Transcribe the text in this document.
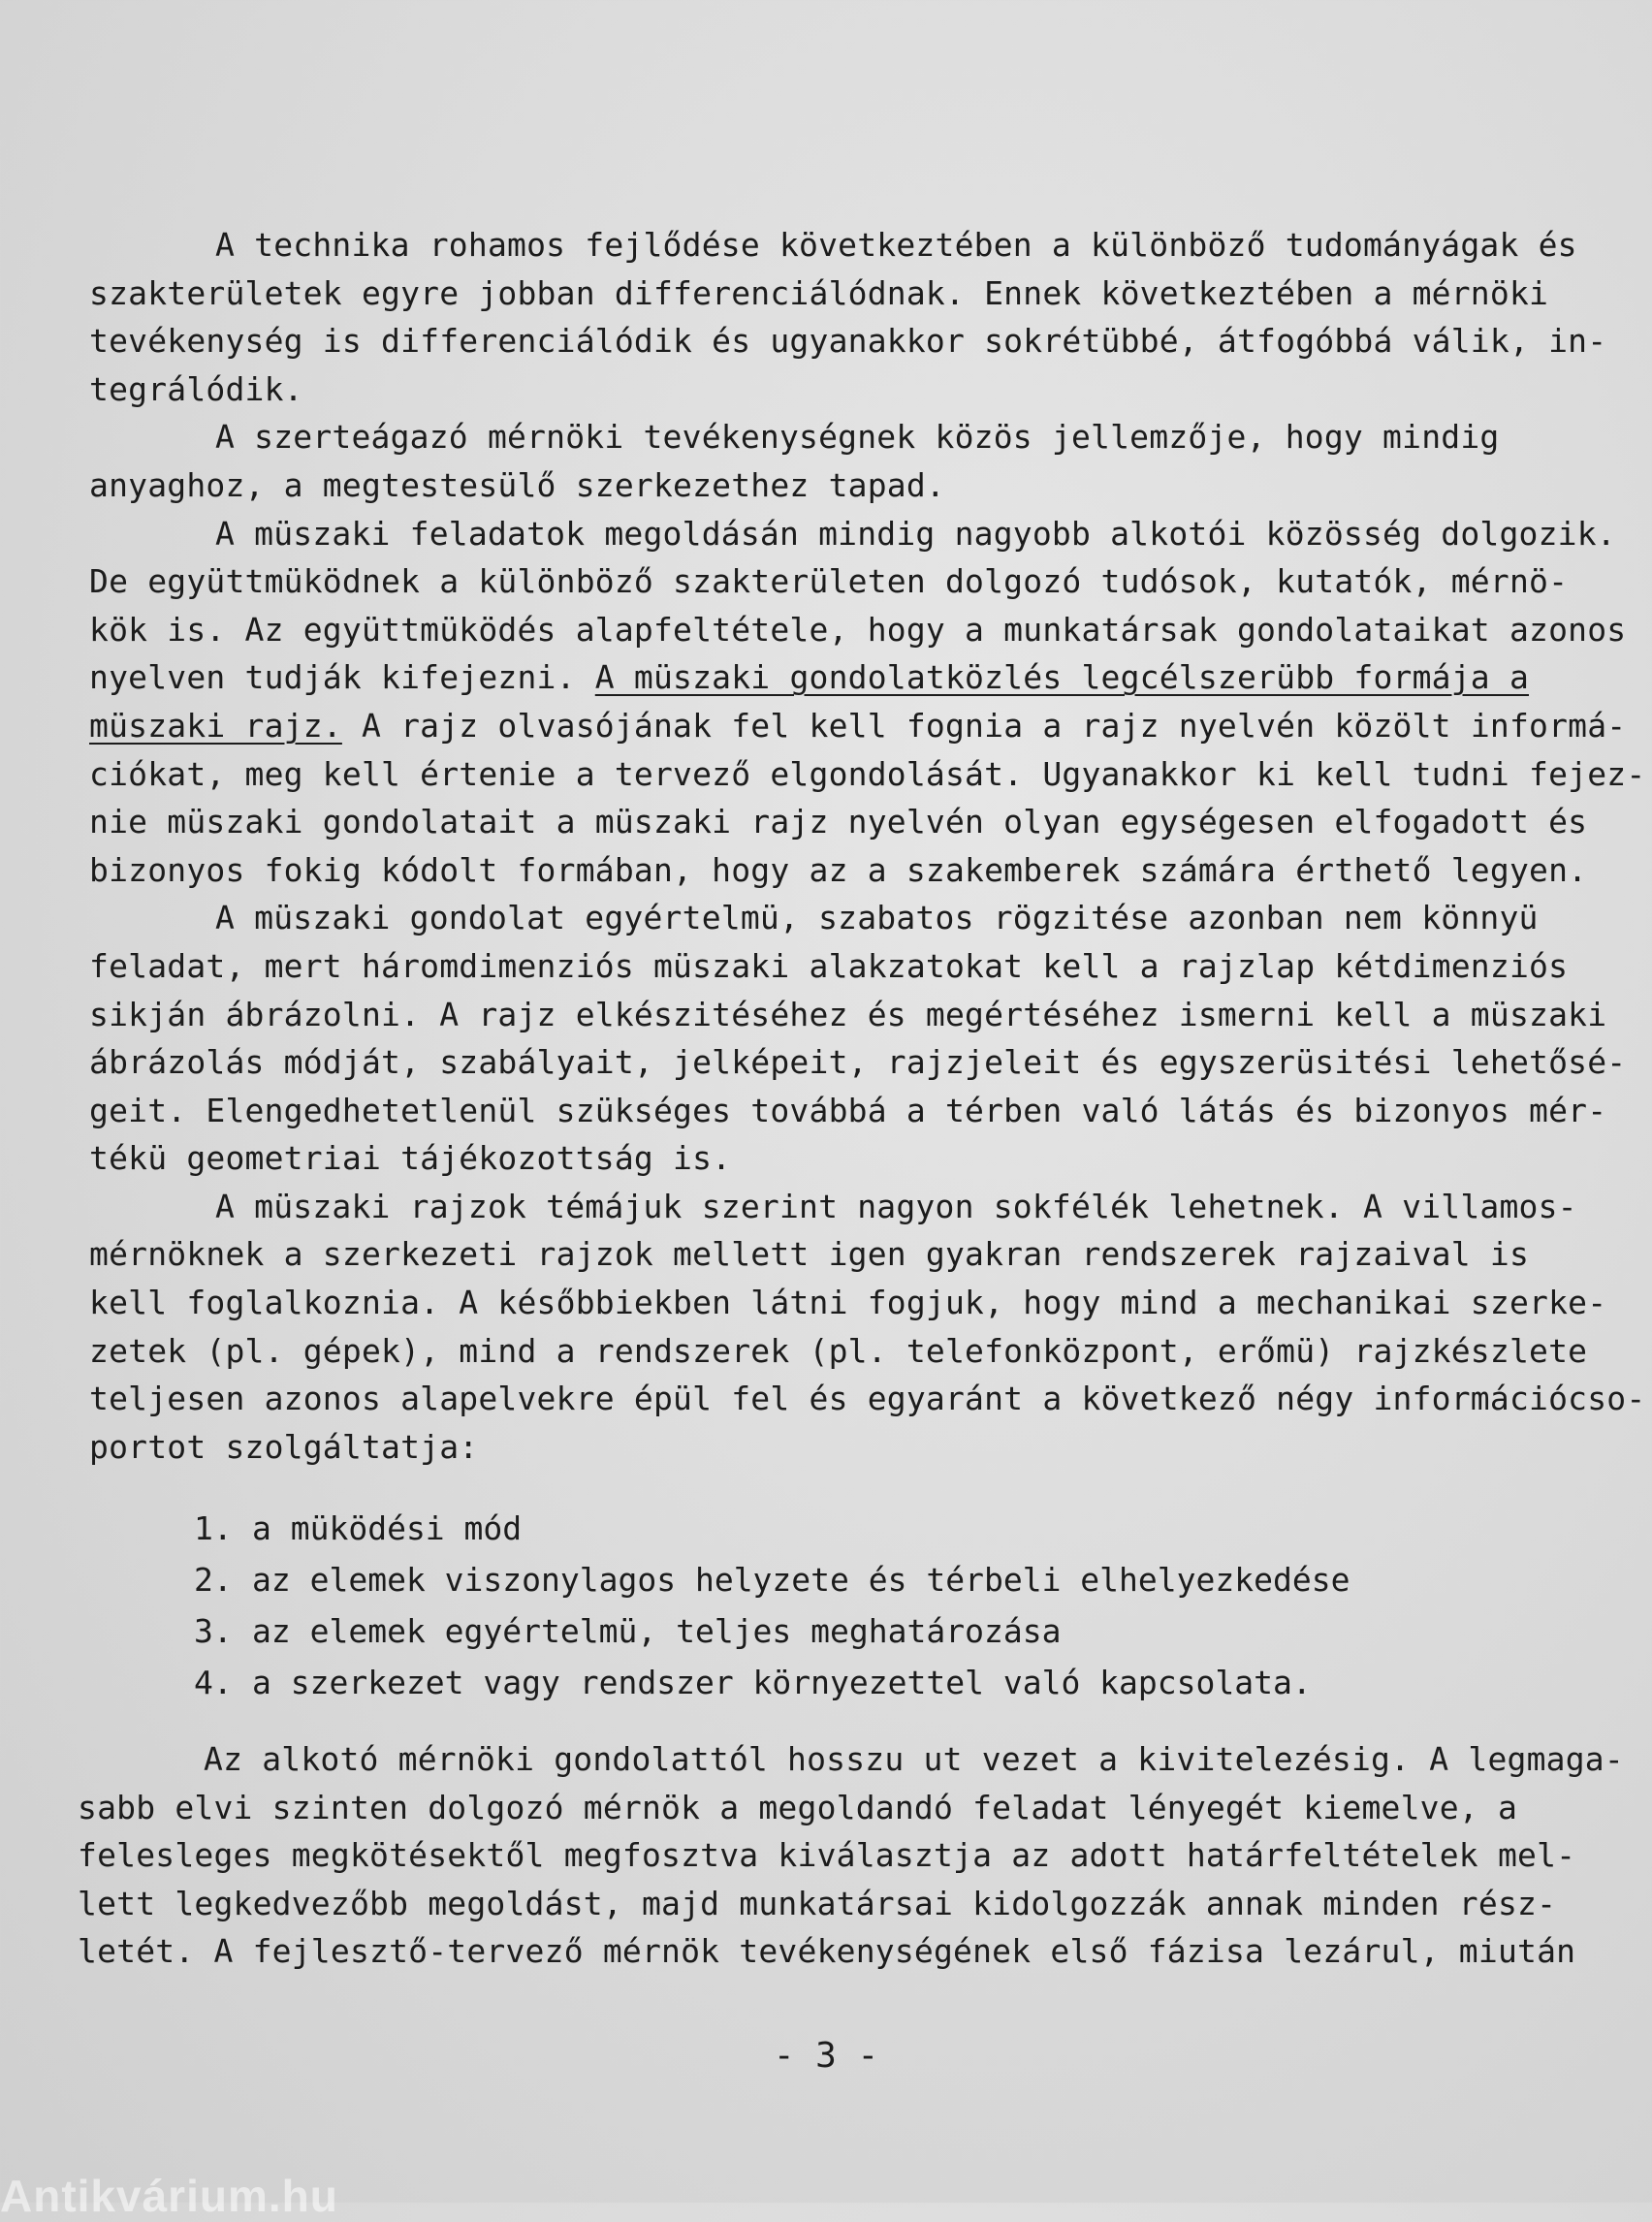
A technika rohamos fejlődése következtében a különböző tudományágak és
szakterületek egyre jobban differenciálódnak. Ennek következtében a mérnöki
tevékenység is differenciálódik és ugyanakkor sokrétübbé, átfogóbbá válik, in-
tegrálódik.
A szerteágazó mérnöki tevékenységnek közös jellemzője, hogy mindig
anyaghoz, a megtestesülő szerkezethez tapad.
A müszaki feladatok megoldásán mindig nagyobb alkotói közösség dolgozik.
De együttmüködnek a különböző szakterületen dolgozó tudósok, kutatók, mérnö-
kök is. Az együttmüködés alapfeltétele, hogy a munkatársak gondolataikat azonos
nyelven tudják kifejezni. A müszaki gondolatközlés legcélszerübb formája a
müszaki rajz. A rajz olvasójának fel kell fognia a rajz nyelvén közölt informá-
ciókat, meg kell értenie a tervező elgondolását. Ugyanakkor ki kell tudni fejez-
nie müszaki gondolatait a müszaki rajz nyelvén olyan egységesen elfogadott és
bizonyos fokig kódolt formában, hogy az a szakemberek számára érthető legyen.
A müszaki gondolat egyértelmü, szabatos rögzitése azonban nem könnyü
feladat, mert háromdimenziós müszaki alakzatokat kell a rajzlap kétdimenziós
sikján ábrázolni. A rajz elkészitéséhez és megértéséhez ismerni kell a müszaki
ábrázolás módját, szabályait, jelképeit, rajzjeleit és egyszerüsitési lehetősé-
geit. Elengedhetetlenül szükséges továbbá a térben való látás és bizonyos mér-
tékü geometriai tájékozottság is.
A müszaki rajzok témájuk szerint nagyon sokfélék lehetnek. A villamos-
mérnöknek a szerkezeti rajzok mellett igen gyakran rendszerek rajzaival is
kell foglalkoznia. A későbbiekben látni fogjuk, hogy mind a mechanikai szerke-
zetek (pl. gépek), mind a rendszerek (pl. telefonközpont, erőmü) rajzkészlete
teljesen azonos alapelvekre épül fel és egyaránt a következő négy információcso-
portot szolgáltatja:
1. a müködési mód
2. az elemek viszonylagos helyzete és térbeli elhelyezkedése
3. az elemek egyértelmü, teljes meghatározása
4. a szerkezet vagy rendszer környezettel való kapcsolata.
Az alkotó mérnöki gondolattól hosszu ut vezet a kivitelezésig. A legmaga-
sabb elvi szinten dolgozó mérnök a megoldandó feladat lényegét kiemelve, a
felesleges megkötésektől megfosztva kiválasztja az adott határfeltételek mel-
lett legkedvezőbb megoldást, majd munkatársai kidolgozzák annak minden rész-
letét. A fejlesztő-tervező mérnök tevékenységének első fázisa lezárul, miután
- 3 -
Antikvárium.hu
